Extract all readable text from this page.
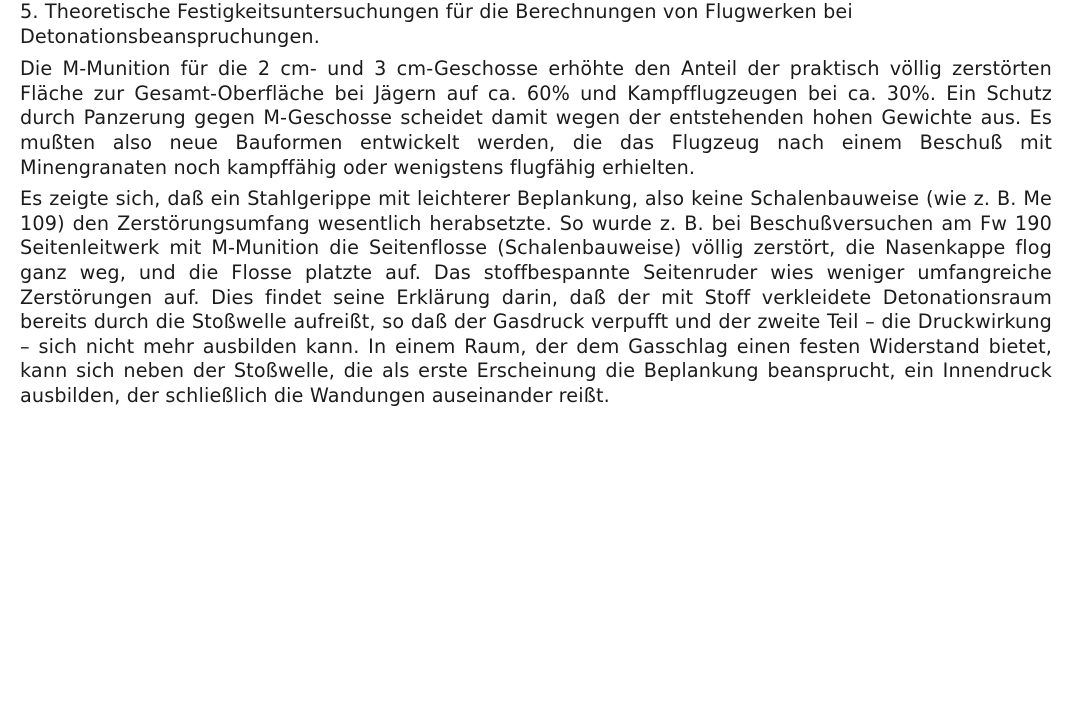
5. Theoretische Festigkeitsuntersuchungen für die Berechnungen von Flugwerken bei Detonationsbeanspruchungen.

Die M-Munition für die 2 cm- und 3 cm-Geschosse erhöhte den Anteil der praktisch völlig zerstörten Fläche zur Gesamt-Oberfläche bei Jägern auf ca. 60% und Kampfflugzeugen bei ca. 30%. Ein Schutz durch Panzerung gegen M-Geschosse scheidet damit wegen der entstehenden hohen Gewichte aus. Es mußten also neue Bauformen entwickelt werden, die das Flugzeug nach einem Beschuß mit Minengranaten noch kampffähig oder wenigstens flugfähig erhielten.

Es zeigte sich, daß ein Stahlgerippe mit leichterer Beplankung, also keine Schalenbauweise (wie z. B. Me 109) den Zerstörungsumfang wesentlich herabsetzte. So wurde z. B. bei Beschußversuchen am Fw 190 Seitenleitwerk mit M-Munition die Seitenflosse (Schalenbauweise) völlig zerstört, die Nasenkappe flog ganz weg, und die Flosse platzte auf. Das stoffbespannte Seitenruder wies weniger umfangreiche Zerstörungen auf. Dies findet seine Erklärung darin, daß der mit Stoff verkleidete Detonationsraum bereits durch die Stoßwelle aufreißt, so daß der Gasdruck verpufft und der zweite Teil – die Druckwirkung – sich nicht mehr ausbilden kann. In einem Raum, der dem Gasschlag einen festen Widerstand bietet, kann sich neben der Stoßwelle, die als erste Erscheinung die Beplankung beansprucht, ein Innendruck ausbilden, der schließlich die Wandungen auseinander reißt.
